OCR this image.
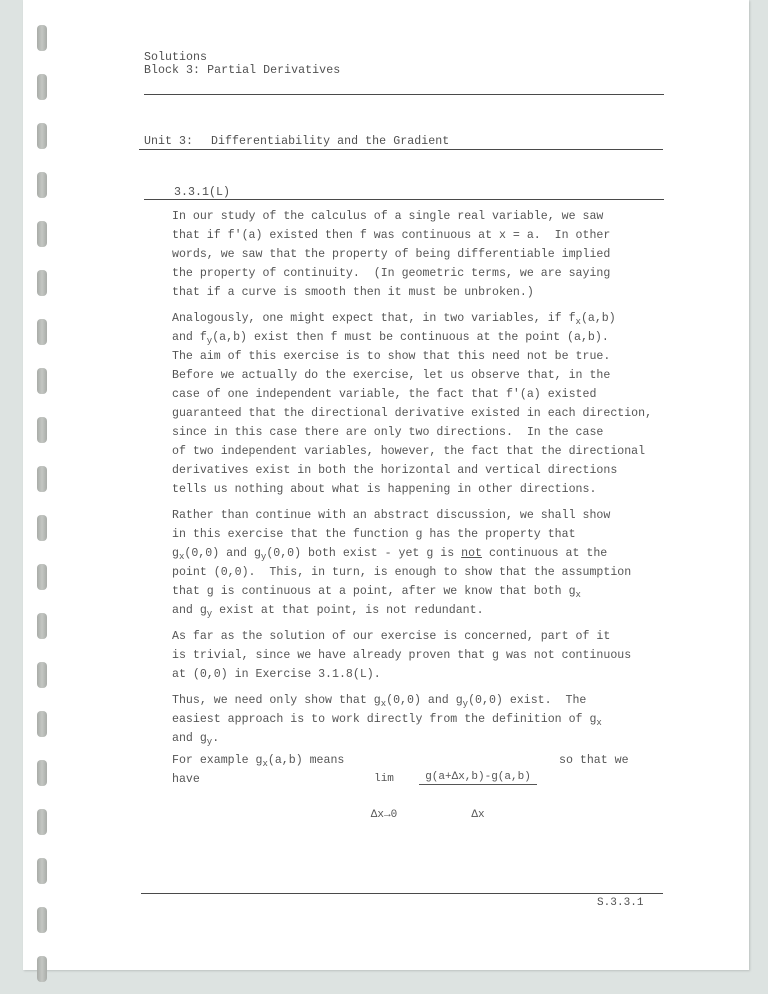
Solutions
Block 3: Partial Derivatives
Unit 3: Differentiability and the Gradient
3.3.1(L)
In our study of the calculus of a single real variable, we saw
that if f'(a) existed then f was continuous at x = a.  In other
words, we saw that the property of being differentiable implied
the property of continuity.  (In geometric terms, we are saying
that if a curve is smooth then it must be unbroken.)
Analogously, one might expect that, in two variables, if $f_x(a,b)$
and $f_y(a,b)$ exist then f must be continuous at the point (a,b).
The aim of this exercise is to show that this need not be true.
Before we actually do the exercise, let us observe that, in the
case of one independent variable, the fact that f'(a) existed
guaranteed that the directional derivative existed in each direction,
since in this case there are only two directions.  In the case
of two independent variables, however, the fact that the directional
derivatives exist in both the horizontal and vertical directions
tells us nothing about what is happening in other directions.
Rather than continue with an abstract discussion, we shall show
in this exercise that the function g has the property that
$g_x(0,0)$ and $g_y(0,0)$ both exist - yet g is not continuous at the
point (0,0).  This, in turn, is enough to show that the assumption
that g is continuous at a point, after we know that both $g_x$
and $g_y$ exist at that point, is not redundant.
As far as the solution of our exercise is concerned, part of it
is trivial, since we have already proven that g was not continuous
at (0,0) in Exercise 3.1.8(L).
Thus, we need only show that $g_x(0,0)$ and $g_y(0,0)$ exist.  The
easiest approach is to work directly from the definition of $g_x$
and $g_y$.
For example $g_x(a,b)$ means

lim

Δx→0

	$\frac{g(a+\Delta x,b)-g(a,b)}{\Delta x}$

so that we
have
S.3.3.1
